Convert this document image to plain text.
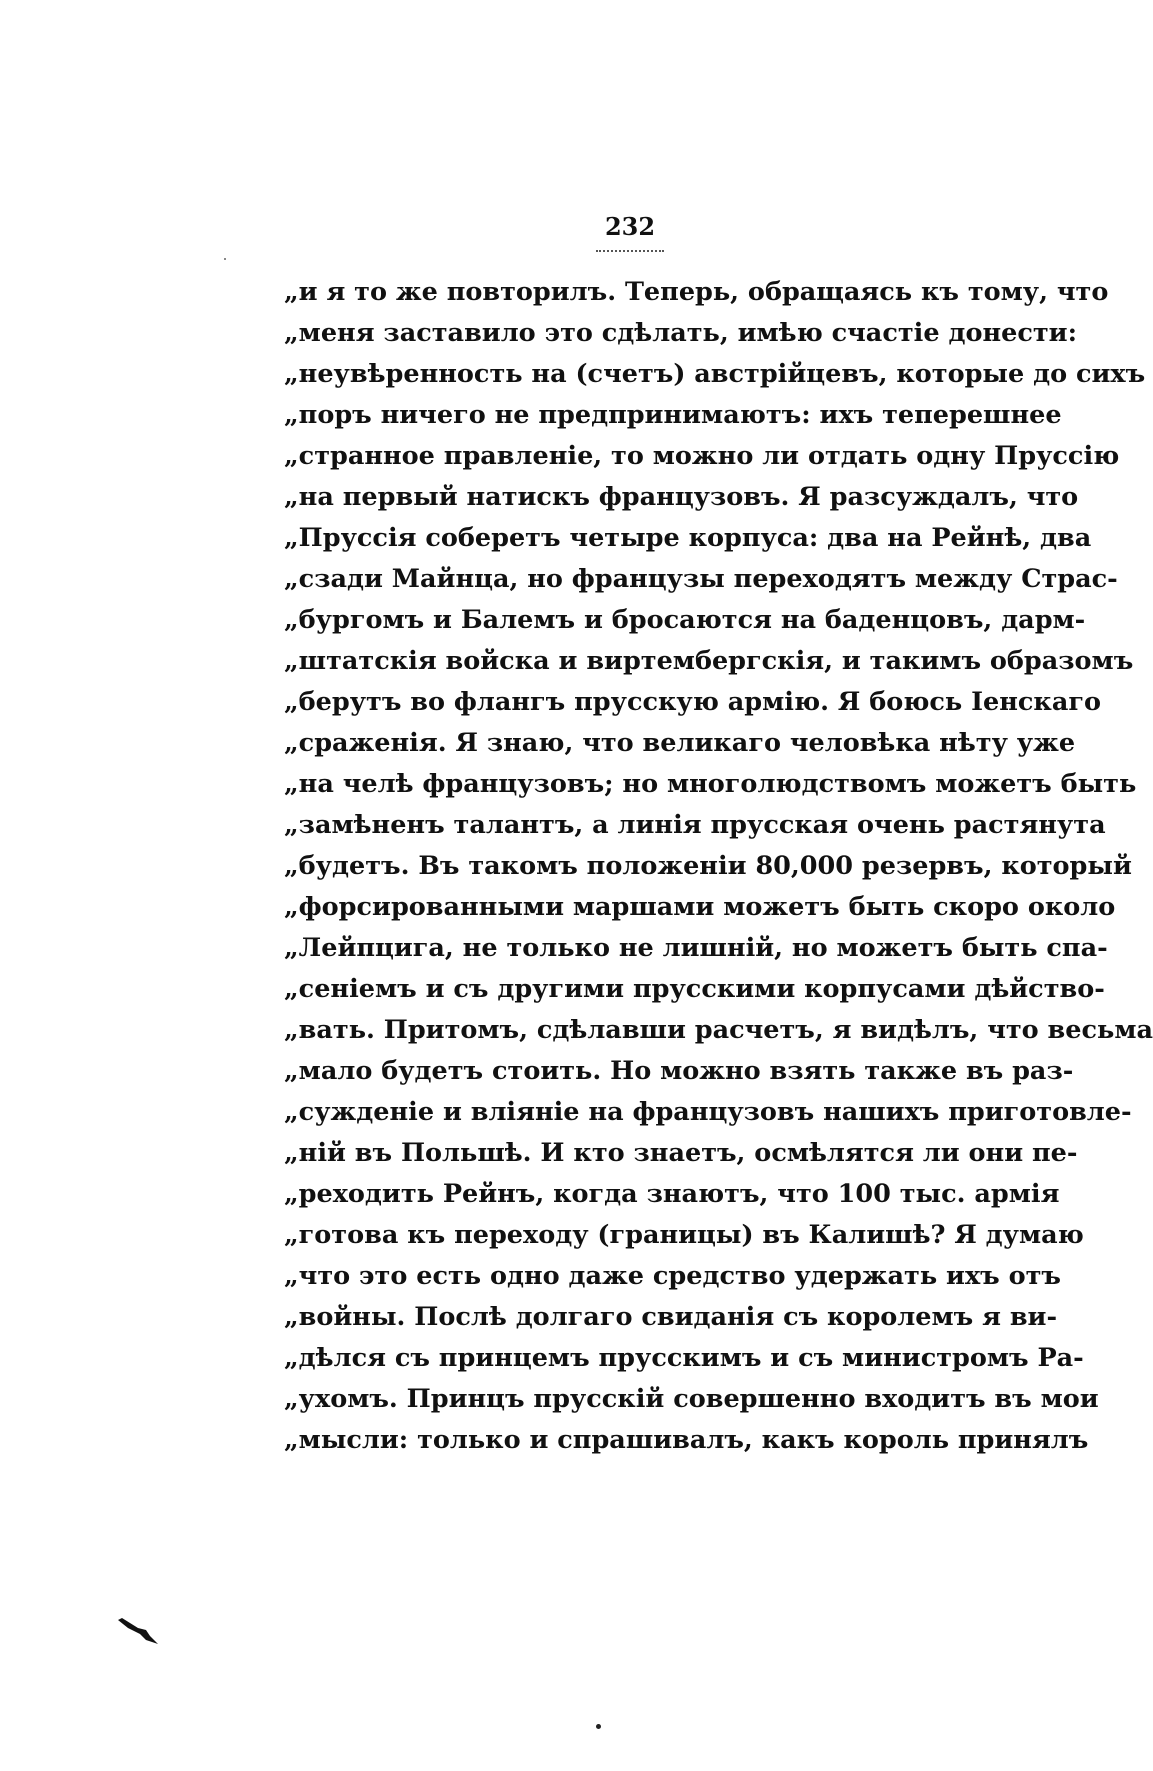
232
„и я то же повторилъ. Теперь, обращаясь къ тому, что
„меня заставило это сдѣлать, имѣю счастіе донести:
„неувѣренность на (счетъ) австрійцевъ, которые до сихъ
„поръ ничего не предпринимаютъ: ихъ теперешнее
„странное правленіе, то можно ли отдать одну Пруссію
„на первый натискъ французовъ. Я разсуждалъ, что
„Пруссія соберетъ четыре корпуса: два на Рейнѣ, два
„сзади Майнца, но французы переходятъ между Страс-
„бургомъ и Балемъ и бросаются на баденцовъ, дарм-
„штатскія войска и виртембергскія, и такимъ образомъ
„берутъ во флангъ прусскую армію. Я боюсь Іенскаго
„сраженія. Я знаю, что великаго человѣка нѣту уже
„на челѣ французовъ; но многолюдствомъ можетъ быть
„замѣненъ талантъ, а линія прусская очень растянута
„будетъ. Въ такомъ положеніи 80,000 резервъ, который
„форсированными маршами можетъ быть скоро около
„Лейпцига, не только не лишній, но можетъ быть спа-
„сеніемъ и съ другими прусскими корпусами дѣйство-
„вать. Притомъ, сдѣлавши расчетъ, я видѣлъ, что весьма
„мало будетъ стоить. Но можно взять также въ раз-
„сужденіе и вліяніе на французовъ нашихъ приготовле-
„ній въ Польшѣ. И кто знаетъ, осмѣлятся ли они пе-
„реходить Рейнъ, когда знаютъ, что 100 тыс. армія
„готова къ переходу (границы) въ Калишѣ? Я думаю
„что это есть одно даже средство удержать ихъ отъ
„войны. Послѣ долгаго свиданія съ королемъ я ви-
„дѣлся съ принцемъ прусскимъ и съ министромъ Ра-
„ухомъ. Принцъ прусскій совершенно входитъ въ мои
„мысли: только и спрашивалъ, какъ король принялъ
